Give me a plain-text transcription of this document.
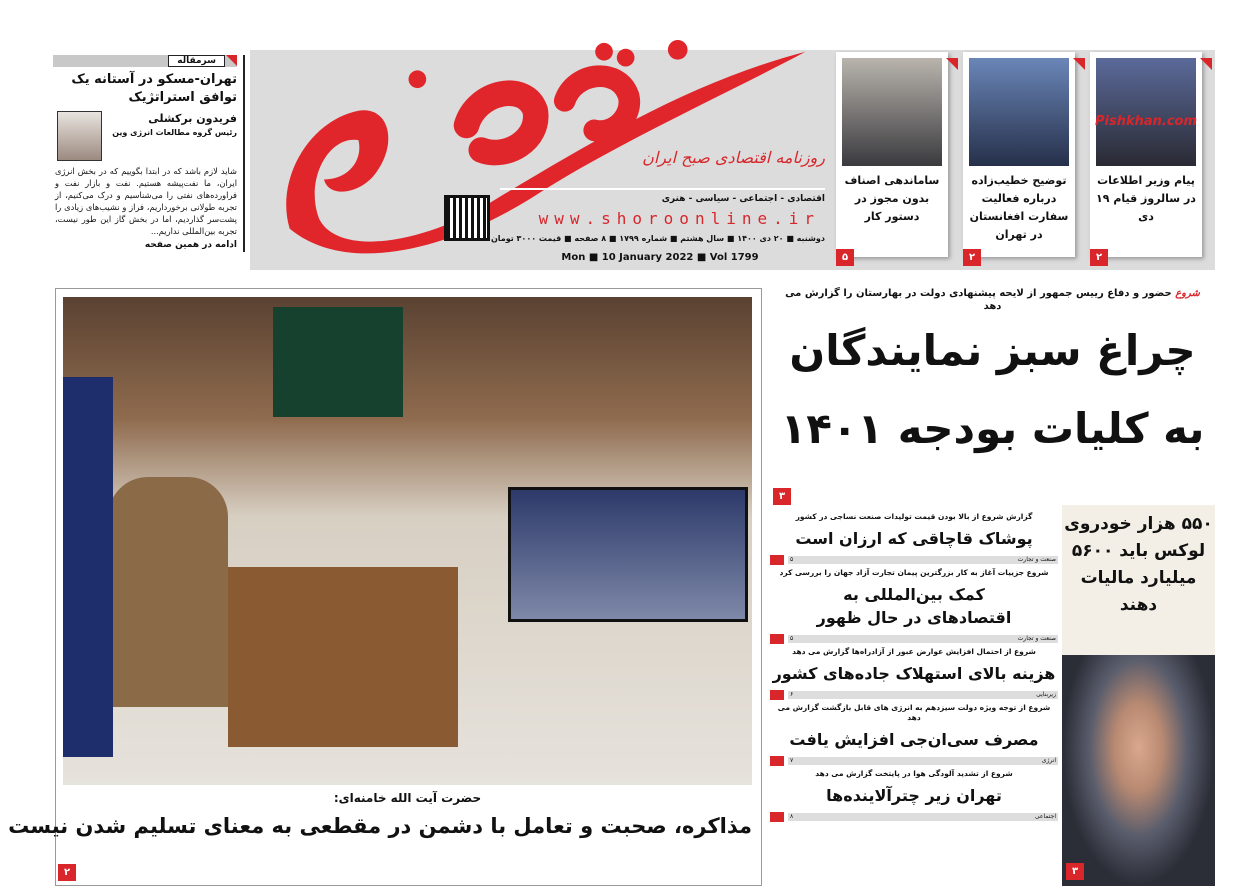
روزنامه اقتصادی صبح ایران
اقتصادی - اجتماعی - سیاسی - هنری
www.shoroonline.ir
دوشنبه ■ ۲۰ دی ۱۴۰۰ ■ سال هشتم ■ شماره ۱۷۹۹ ■ ۸ صفحه ■ قیمت ۳۰۰۰ تومان
Mon ■ 10 January 2022 ■ Vol 1799
سرمقاله
تهران-مسکو در آستانه یک توافق استراتژیک
فریدون برکشلی
رئیس گروه مطالعات انرژی وین
شاید لازم باشد که در ابتدا بگوییم که در بخش انرژی ایران، ما نفت‌پیشه هستیم. نفت و بازار نفت و فراورده‌های نفتی را می‌شناسیم و درک می‌کنیم، از تجربه طولانی برخورداریم، فراز و نشیب‌های زیادی را پشت‌سر گذاردیم، اما در بخش گاز این طور نیست، تجربه بین‌المللی نداریم...
ادامه در همین صفحه
Pishkhan.com
پیام وزیر اطلاعات در سالروز قیام ۱۹ دی
توضیح خطیب‌زاده درباره فعالیت سفارت افغانستان در تهران
ساماندهی اصناف بدون مجوز در دستور کار
۲
۲
۵
شروع حضور و دفاع رییس جمهور از لایحه پیشنهادی دولت در بهارستان را گزارش می دهد
چراغ سبز نمایندگان به کلیات بودجه ۱۴۰۱
۳
حضرت آیت الله خامنه‌ای:
مذاکره، صحبت و تعامل با دشمن در مقطعی به معنای تسلیم شدن نیست
۲
گزارش شروع از بالا بودن قیمت تولیدات صنعت نساجی در کشور
پوشاک قاچاقی که ارزان است
۵	صنعت و تجارت
شروع جزییات آغاز به کار بزرگترین پیمان تجارت آزاد جهان را بررسی کرد
کمک بین‌المللی به اقتصادهای در حال ظهور
۵	صنعت و تجارت
شروع از احتمال افزایش عوارض عبور از آزادراه‌ها گزارش می دهد
هزینه بالای استهلاک جاده‌های کشور
۶	زیربنایی
شروع از توجه ویژه دولت سیزدهم به انرژی های قابل بازگشت گزارش می دهد
مصرف سی‌ان‌جی افزایش یافت
۷	انرژی
شروع از تشدید آلودگی هوا در پایتخت گزارش می دهد
تهران زیر چترآلاینده‌ها
۸	اجتماعی
۵۵۰ هزار خودروی لوکس باید ۵۶۰۰ میلیارد مالیات دهند
۳
